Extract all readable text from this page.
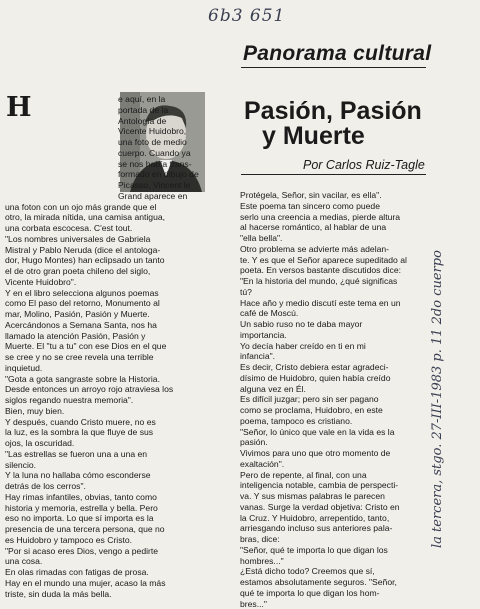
6b3 651
la tercera, stgo. 27-III-1983 p. 11 2do cuerpo
Panorama cultural
Pasión, Pasión
y Muerte
Por Carlos Ruiz-Tagle
H	e aquí, en la
portada de la
Antología de
Vicente Huidobro,
una foto de medio
cuerpo. Cuando ya
se nos había trans-
formado en dibujo de
Picasso, Vincent le
Grand aparece en
una foton con un ojo más grande que el
otro, la mirada nítida, una camisa antigua,
una corbata escocesa. C'est tout.
"Los nombres universales de Gabriela
Mistral y Pablo Neruda (dice el antologa-
dor, Hugo Montes) han eclipsado un tanto
el de otro gran poeta chileno del siglo,
Vicente Huidobro".
Y en el libro selecciona algunos poemas
como El paso del retorno, Monumento al
mar, Molino, Pasión, Pasión y Muerte.
Acercándonos a Semana Santa, nos ha
llamado la atención Pasión, Pasión y
Muerte. El "tu a tu" con ese Dios en el que
se cree y no se cree revela una terrible
inquietud.
"Gota a gota sangraste sobre la Historia.
Desde entonces un arroyo rojo atraviesa los
siglos regando nuestra memoria".
Bien, muy bien.
Y después, cuando Cristo muere, no es
la luz, es la sombra la que fluye de sus
ojos, la oscuridad.
"Las estrellas se fueron una a una en
silencio.
Y la luna no hallaba cómo esconderse
detrás de los cerros".
Hay rimas infantiles, obvias, tanto como
historia y memoria, estrella y bella. Pero
eso no importa. Lo que sí importa es la
presencia de una tercera persona, que no
es Huidobro y tampoco es Cristo.
"Por si acaso eres Dios, vengo a pedirte
una cosa.
En olas rimadas con fatigas de prosa.
Hay en el mundo una mujer, acaso la más
triste, sin duda la más bella.
Protégela, Señor, sin vacilar, es ella".
Este poema tan sincero como puede
serlo una creencia a medias, pierde altura
al hacerse romántico, al hablar de una
"ella bella".
Otro problema se advierte más adelan-
te. Y es que el Señor aparece supeditado al
poeta. En versos bastante discutidos dice:
"En la historia del mundo, ¿qué significas
tú?
Hace año y medio discutí este tema en un
café de Moscú.
Un sabio ruso no te daba mayor
importancia.
Yo decía haber creído en ti en mi
infancia".
Es decir, Cristo debiera estar agradeci-
dísimo de Huidobro, quien había creído
alguna vez en Él.
Es difícil juzgar; pero sin ser pagano
como se proclama, Huidobro, en este
poema, tampoco es cristiano.
"Señor, lo único que vale en la vida es la
pasión.
Vivimos para uno que otro momento de
exaltación".
Pero de repente, al final, con una
inteligencia notable, cambia de perspecti-
va. Y sus mismas palabras le parecen
vanas. Surge la verdad objetiva: Cristo en
la Cruz. Y Huidobro, arrepentido, tanto,
arriesgando incluso sus anteriores pala-
bras, dice:
"Señor, qué te importa lo que digan los
hombres..."
¿Está dicho todo? Creemos que sí,
estamos absolutamente seguros. "Señor,
qué te importa lo que digan los hom-
bres..."
